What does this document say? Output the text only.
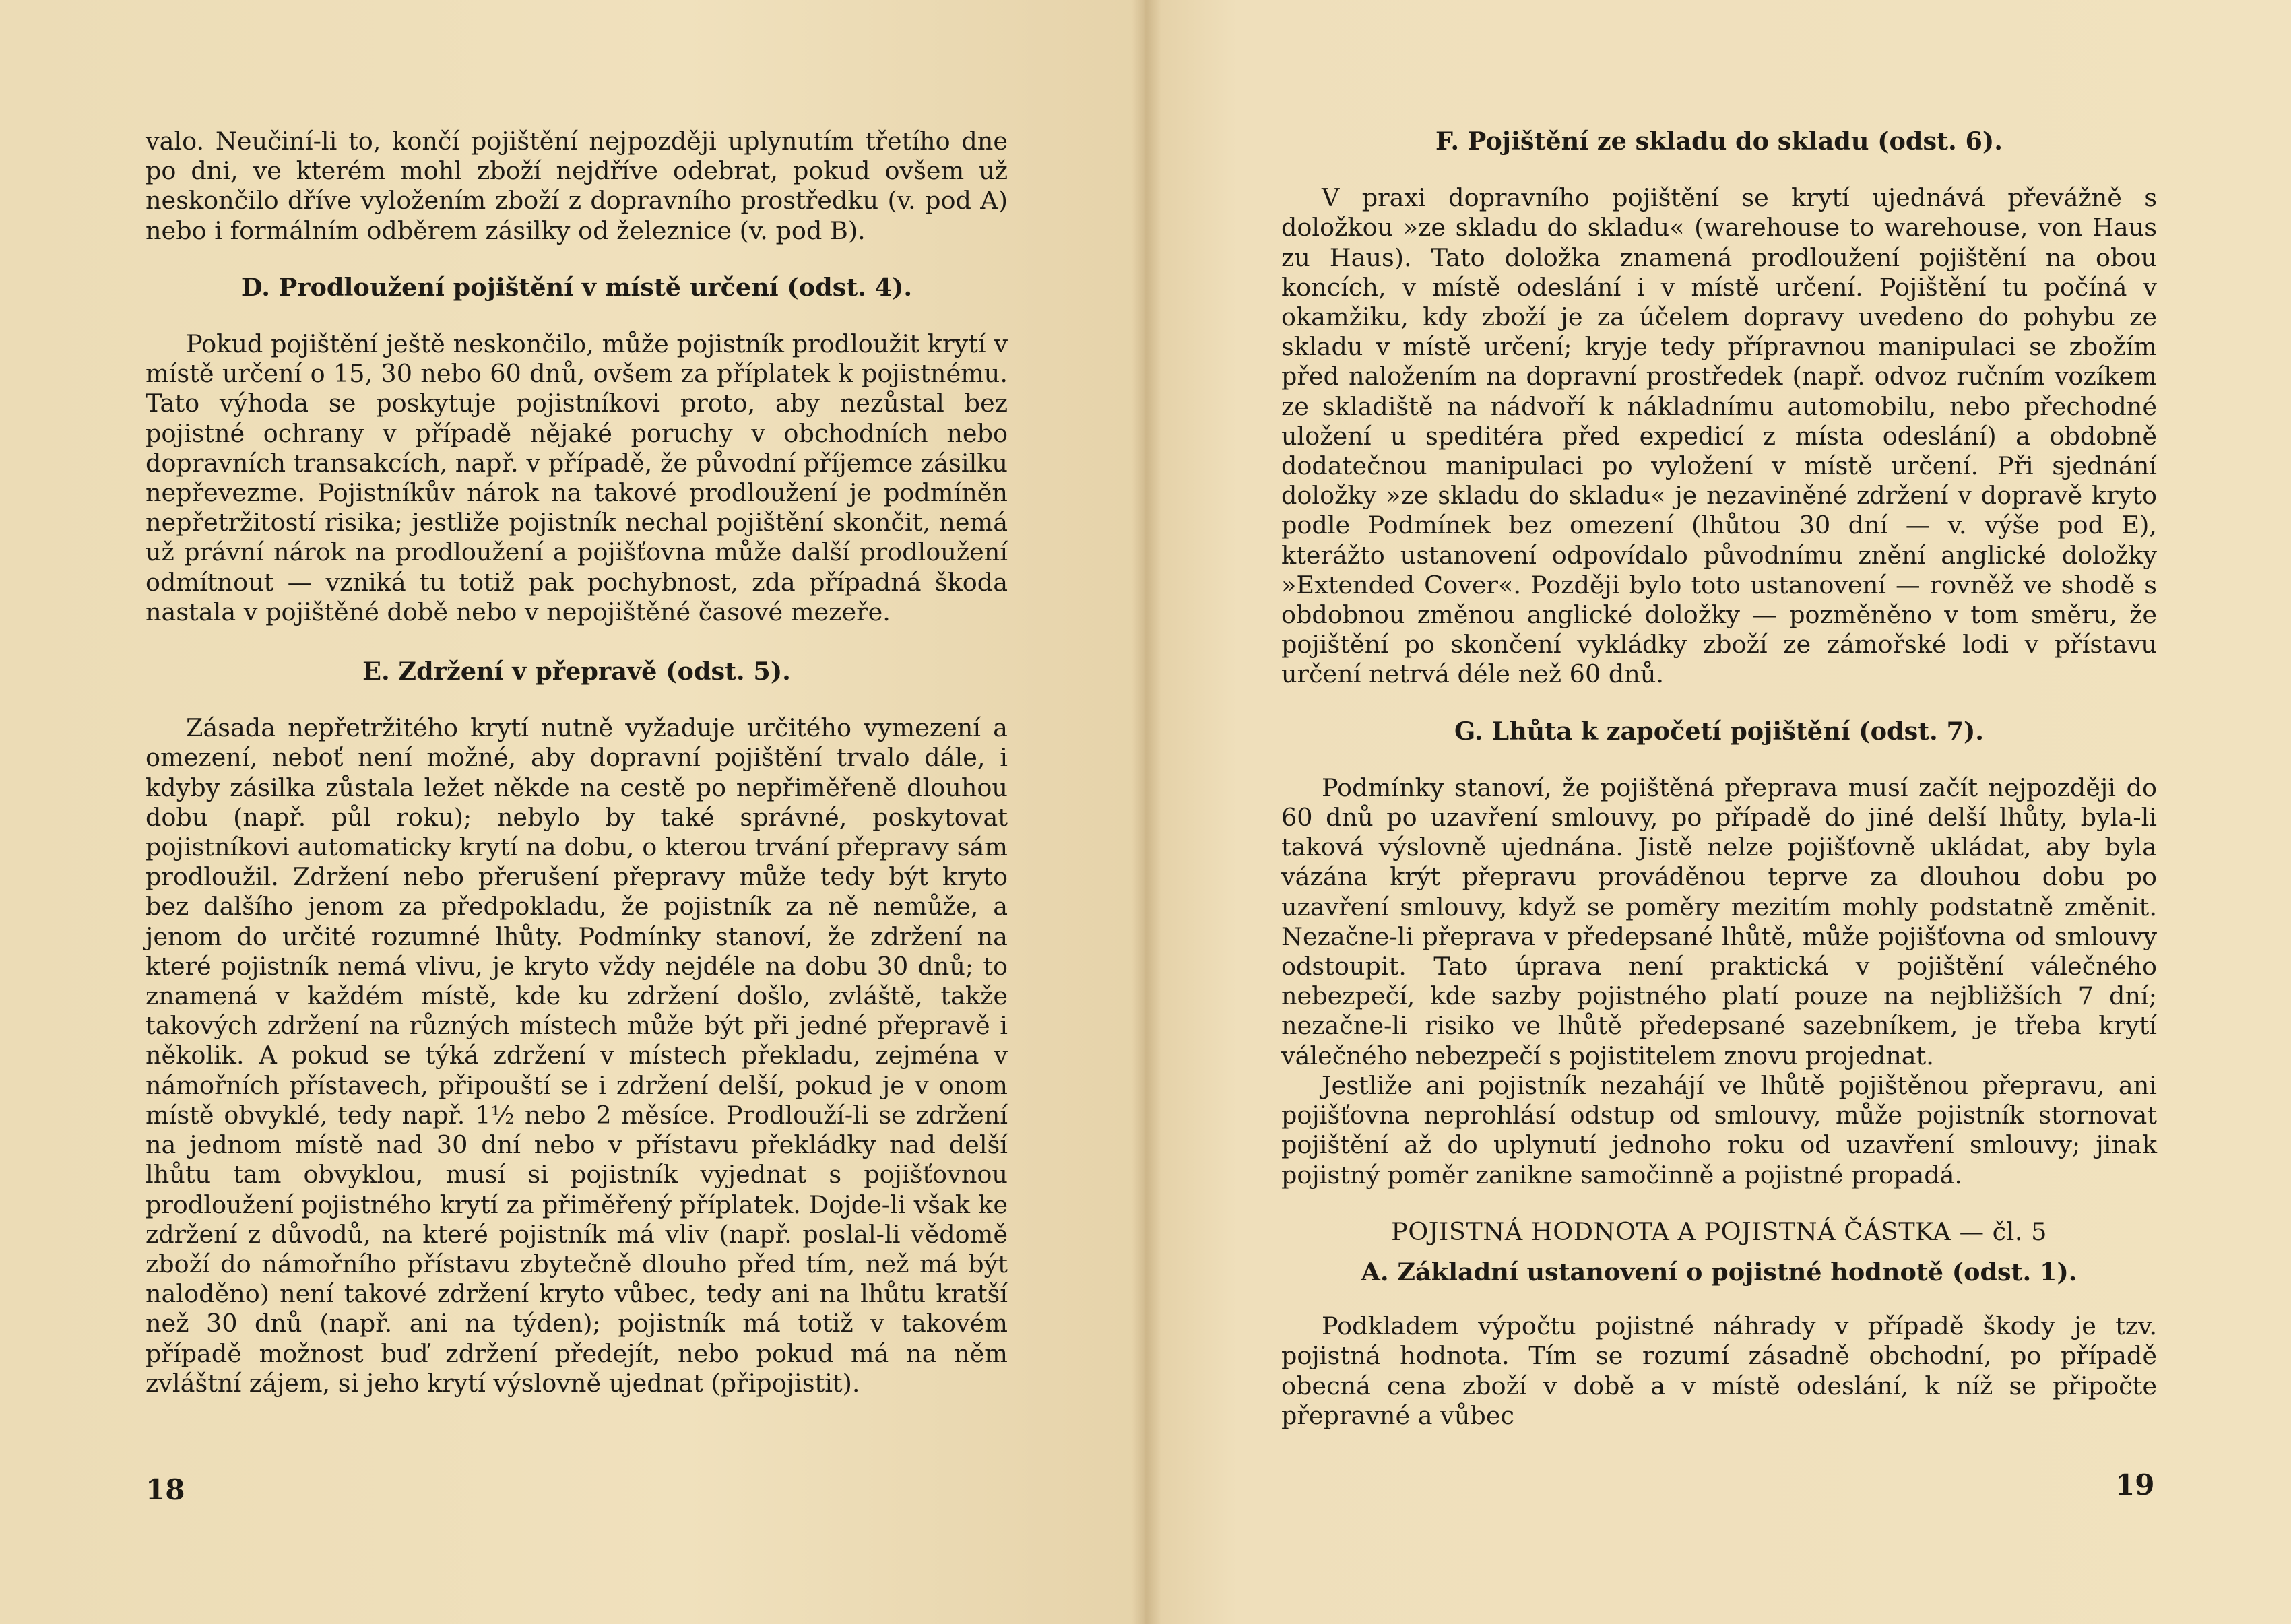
valo. Neučiní-li to, končí pojištění nejpozději uplynutím třetího dne po dni, ve kterém mohl zboží nejdříve odebrat, pokud ovšem už neskončilo dříve vyložením zboží z dopravního prostředku (v. pod A) nebo i formálním odběrem zásilky od železnice (v. pod B).

D. Prodloužení pojištění v místě určení (odst. 4).

Pokud pojištění ještě neskončilo, může pojistník prodloužit krytí v místě určení o 15, 30 nebo 60 dnů, ovšem za příplatek k pojistnému. Tato výhoda se poskytuje pojistníkovi proto, aby nezůstal bez pojistné ochrany v případě nějaké poruchy v obchodních nebo dopravních transakcích, např. v případě, že původní příjemce zásilku nepřevezme. Pojistníkův nárok na takové prodloužení je podmíněn nepřetržitostí risika; jestliže pojistník nechal pojištění skončit, nemá už právní nárok na prodloužení a pojišťovna může další prodloužení odmítnout — vzniká tu totiž pak pochybnost, zda případná škoda nastala v pojištěné době nebo v nepojištěné časové mezeře.

E. Zdržení v přepravě (odst. 5).

Zásada nepřetržitého krytí nutně vyžaduje určitého vymezení a omezení, neboť není možné, aby dopravní pojištění trvalo dále, i kdyby zásilka zůstala ležet někde na cestě po nepřiměřeně dlouhou dobu (např. půl roku); nebylo by také správné, poskytovat pojistníkovi automaticky krytí na dobu, o kterou trvání přepravy sám prodloužil. Zdržení nebo přerušení přepravy může tedy být kryto bez dalšího jenom za předpokladu, že pojistník za ně nemůže, a jenom do určité rozumné lhůty. Podmínky stanoví, že zdržení na které pojistník nemá vlivu, je kryto vždy nejdéle na dobu 30 dnů; to znamená v každém místě, kde ku zdržení došlo, zvláště, takže takových zdržení na různých místech může být při jedné přepravě i několik. A pokud se týká zdržení v místech překladu, zejména v námořních přístavech, připouští se i zdržení delší, pokud je v onom místě obvyklé, tedy např. 1½ nebo 2 měsíce. Prodlouží-li se zdržení na jednom místě nad 30 dní nebo v přístavu překládky nad delší lhůtu tam obvyklou, musí si pojistník vyjednat s pojišťovnou prodloužení pojistného krytí za přiměřený příplatek. Dojde-li však ke zdržení z důvodů, na které pojistník má vliv (např. poslal-li vědomě zboží do námořního přístavu zbytečně dlouho před tím, než má být naloděno) není takové zdržení kryto vůbec, tedy ani na lhůtu kratší než 30 dnů (např. ani na týden); pojistník má totiž v takovém případě možnost buď zdržení předejít, nebo pokud má na něm zvláštní zájem, si jeho krytí výslovně ujednat (připojistit).

18

F. Pojištění ze skladu do skladu (odst. 6).

V praxi dopravního pojištění se krytí ujednává převážně s doložkou »ze skladu do skladu« (warehouse to warehouse, von Haus zu Haus). Tato doložka znamená prodloužení pojištění na obou koncích, v místě odeslání i v místě určení. Pojištění tu počíná v okamžiku, kdy zboží je za účelem dopravy uvedeno do pohybu ze skladu v místě určení; kryje tedy přípravnou manipulaci se zbožím před naložením na dopravní prostředek (např. odvoz ručním vozíkem ze skladiště na nádvoří k nákladnímu automobilu, nebo přechodné uložení u speditéra před expedicí z místa odeslání) a obdobně dodatečnou manipulaci po vyložení v místě určení. Při sjednání doložky »ze skladu do skladu« je nezaviněné zdržení v dopravě kryto podle Podmínek bez omezení (lhůtou 30 dní — v. výše pod E), kterážto ustanovení odpovídalo původnímu znění anglické doložky »Extended Cover«. Později bylo toto ustanovení — rovněž ve shodě s obdobnou změnou anglické doložky — pozměněno v tom směru, že pojištění po skončení vykládky zboží ze zámořské lodi v přístavu určení netrvá déle než 60 dnů.

G. Lhůta k započetí pojištění (odst. 7).

Podmínky stanoví, že pojištěná přeprava musí začít nejpozději do 60 dnů po uzavření smlouvy, po případě do jiné delší lhůty, byla-li taková výslovně ujednána. Jistě nelze pojišťovně ukládat, aby byla vázána krýt přepravu prováděnou teprve za dlouhou dobu po uzavření smlouvy, když se poměry mezitím mohly podstatně změnit. Nezačne-li přeprava v předepsané lhůtě, může pojišťovna od smlouvy odstoupit. Tato úprava není praktická v pojištění válečného nebezpečí, kde sazby pojistného platí pouze na nejbližších 7 dní; nezačne-li risiko ve lhůtě předepsané sazebníkem, je třeba krytí válečného nebezpečí s pojistitelem znovu projednat.

Jestliže ani pojistník nezahájí ve lhůtě pojištěnou přepravu, ani pojišťovna neprohlásí odstup od smlouvy, může pojistník stornovat pojištění až do uplynutí jednoho roku od uzavření smlouvy; jinak pojistný poměr zanikne samočinně a pojistné propadá.

POJISTNÁ HODNOTA A POJISTNÁ ČÁSTKA — čl. 5

A. Základní ustanovení o pojistné hodnotě (odst. 1).

Podkladem výpočtu pojistné náhrady v případě škody je tzv. pojistná hodnota. Tím se rozumí zásadně obchodní, po případě obecná cena zboží v době a v místě odeslání, k níž se připočte přepravné a vůbec

19
